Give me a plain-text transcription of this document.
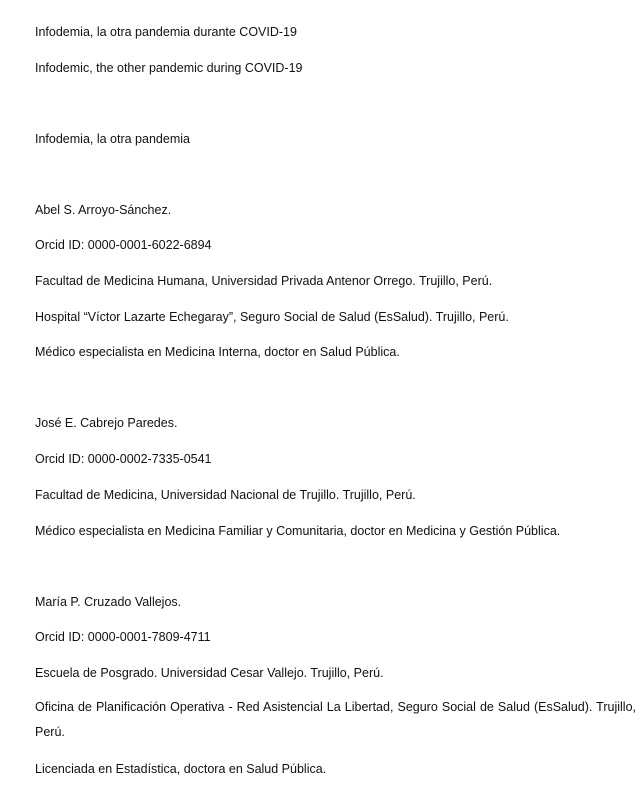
Infodemia, la otra pandemia durante COVID-19
Infodemic, the other pandemic during COVID-19
Infodemia, la otra pandemia
Abel S. Arroyo-Sánchez.
Orcid ID: 0000-0001-6022-6894
Facultad de Medicina Humana, Universidad Privada Antenor Orrego. Trujillo, Perú.
Hospital “Víctor Lazarte Echegaray”, Seguro Social de Salud (EsSalud). Trujillo, Perú.
Médico especialista en Medicina Interna, doctor en Salud Pública.
José E. Cabrejo Paredes.
Orcid ID: 0000-0002-7335-0541
Facultad de Medicina, Universidad Nacional de Trujillo. Trujillo, Perú.
Médico especialista en Medicina Familiar y Comunitaria, doctor en Medicina y Gestión Pública.
María P. Cruzado Vallejos.
Orcid ID: 0000-0001-7809-4711
Escuela de Posgrado. Universidad Cesar Vallejo. Trujillo, Perú.
Oficina de Planificación Operativa - Red Asistencial La Libertad, Seguro Social de Salud (EsSalud). Trujillo, Perú.
Licenciada en Estadística, doctora en Salud Pública.
